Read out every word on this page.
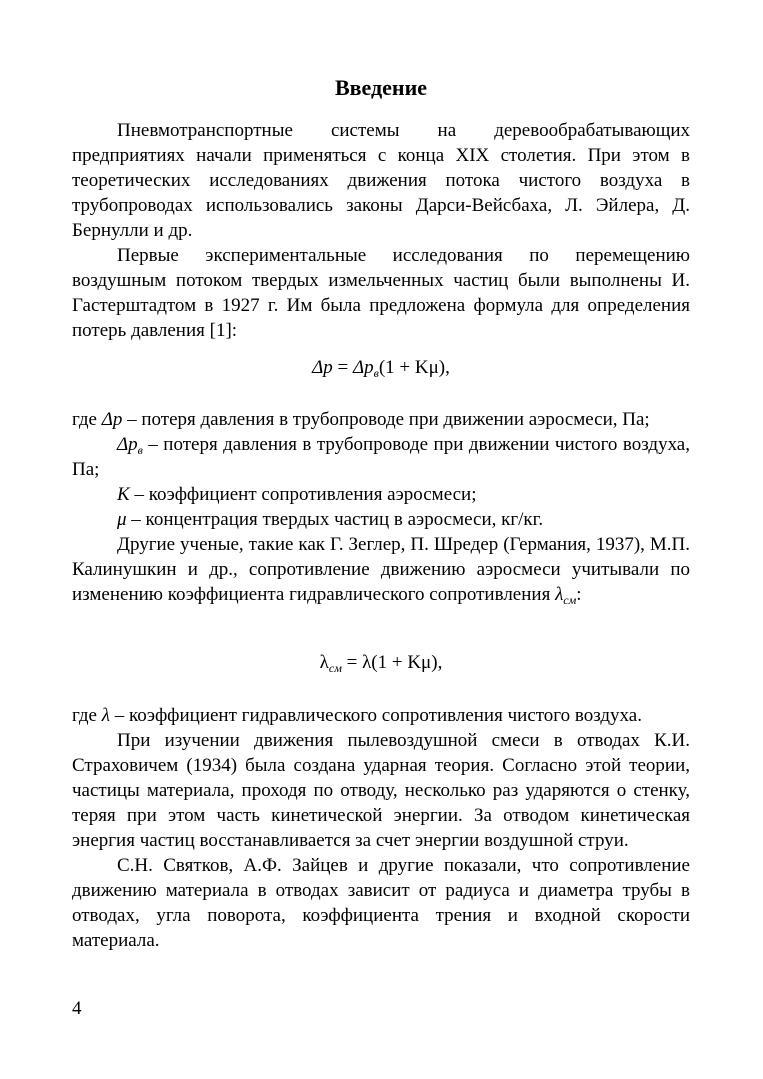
Введение

Пневмотранспортные системы на деревообрабатывающих предприятиях начали применяться с конца XIX столетия. При этом в теоретических исследованиях движения потока чистого воздуха в трубопроводах использовались законы Дарси-Вейсбаха, Л. Эйлера, Д. Бернулли и др.

Первые экспериментальные исследования по перемещению воздушным потоком твердых измельченных частиц были выполнены И. Гастерштадтом в 1927 г. Им была предложена формула для определения потерь давления [1]:

$\Delta p = \Delta p_в(1 + K\mu)$,

где Δp – потеря давления в трубопроводе при движении аэросмеси, Па;

$\Delta p_в$ – потеря давления в трубопроводе при движении чистого воздуха, Па;

K – коэффициент сопротивления аэросмеси;

μ – концентрация твердых частиц в аэросмеси, кг/кг.

Другие ученые, такие как Г. Зеглер, П. Шредер (Германия, 1937), М.П. Калинушкин и др., сопротивление движению аэросмеси учитывали по изменению коэффициента гидравлического сопротивления $\lambda_{см}$:

$\lambda_{см} = \lambda(1 + K\mu)$,

где λ – коэффициент гидравлического сопротивления чистого воздуха.

При изучении движения пылевоздушной смеси в отводах К.И. Страховичем (1934) была создана ударная теория. Согласно этой теории, частицы материала, проходя по отводу, несколько раз ударяются о стенку, теряя при этом часть кинетической энергии. За отводом кинетическая энергия частиц восстанавливается за счет энергии воздушной струи.

С.Н. Святков, А.Ф. Зайцев и другие показали, что сопротивление движению материала в отводах зависит от радиуса и диаметра трубы в отводах, угла поворота, коэффициента трения и входной скорости материала.

4
